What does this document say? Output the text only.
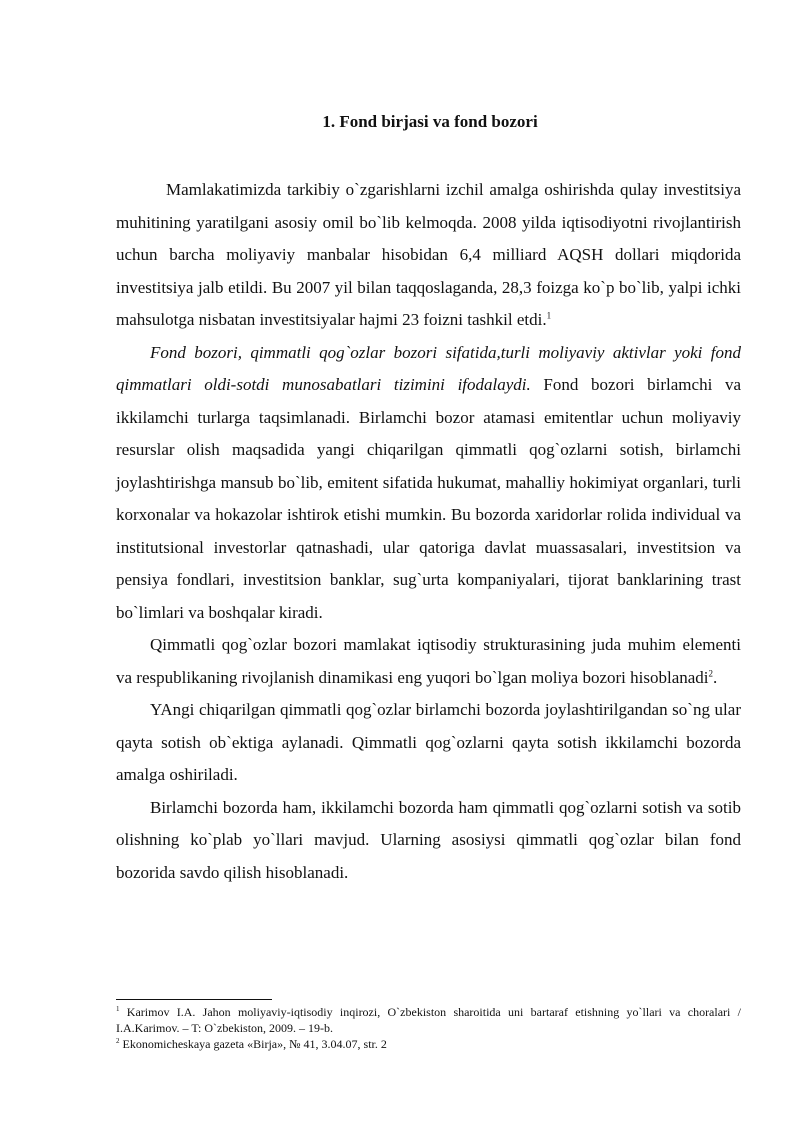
1. Fond birjasi va fond bozori

Mamlakatimizda tarkibiy o`zgarishlarni izchil amalga oshirishda qulay investitsiya muhitining yaratilgani asosiy omil bo`lib kelmoqda. 2008 yilda iqtisodiyotni rivojlantirish uchun barcha moliyaviy manbalar hisobidan 6,4 milliard AQSH dollari miqdorida investitsiya jalb etildi. Bu 2007 yil bilan taqqoslaganda, 28,3 foizga ko`p bo`lib, yalpi ichki mahsulotga nisbatan investitsiyalar hajmi 23 foizni tashkil etdi.$^1$

Fond bozori, qimmatli qog`ozlar bozori sifatida,turli moliyaviy aktivlar yoki fond qimmatlari oldi-sotdi munosabatlari tizimini ifodalaydi. Fond bozori birlamchi va ikkilamchi turlarga taqsimlanadi. Birlamchi bozor atamasi emitentlar uchun moliyaviy resurslar olish maqsadida yangi chiqarilgan qimmatli qog`ozlarni sotish, birlamchi joylashtirishga mansub bo`lib, emitent sifatida hukumat, mahalliy hokimiyat organlari, turli korxonalar va hokazolar ishtirok etishi mumkin. Bu bozorda xaridorlar rolida individual va institutsional investorlar qatnashadi, ular qatoriga davlat muassasalari, investitsion va pensiya fondlari, investitsion banklar, sug`urta kompaniyalari, tijorat banklarining trast bo`limlari va boshqalar kiradi.

Qimmatli qog`ozlar bozori mamlakat iqtisodiy strukturasining juda muhim elementi va respublikaning rivojlanish dinamikasi eng yuqori bo`lgan moliya bozori hisoblanadi$^2$.

YAngi chiqarilgan qimmatli qog`ozlar birlamchi bozorda joylashtirilgandan so`ng ular qayta sotish ob`ektiga aylanadi. Qimmatli qog`ozlarni qayta sotish ikkilamchi bozorda amalga oshiriladi.

Birlamchi bozorda ham, ikkilamchi bozorda ham qimmatli qog`ozlarni sotish va sotib olishning ko`plab yo`llari mavjud. Ularning asosiysi qimmatli qog`ozlar bilan fond bozorida savdo qilish hisoblanadi.

$^1$ Karimov I.A. Jahon moliyaviy-iqtisodiy inqirozi, O`zbekiston sharoitida uni bartaraf etishning yo`llari va choralari / I.A.Karimov. – T: O`zbekiston, 2009. – 19-b.

$^2$ Ekonomicheskaya gazeta «Birja», № 41, 3.04.07, str. 2
